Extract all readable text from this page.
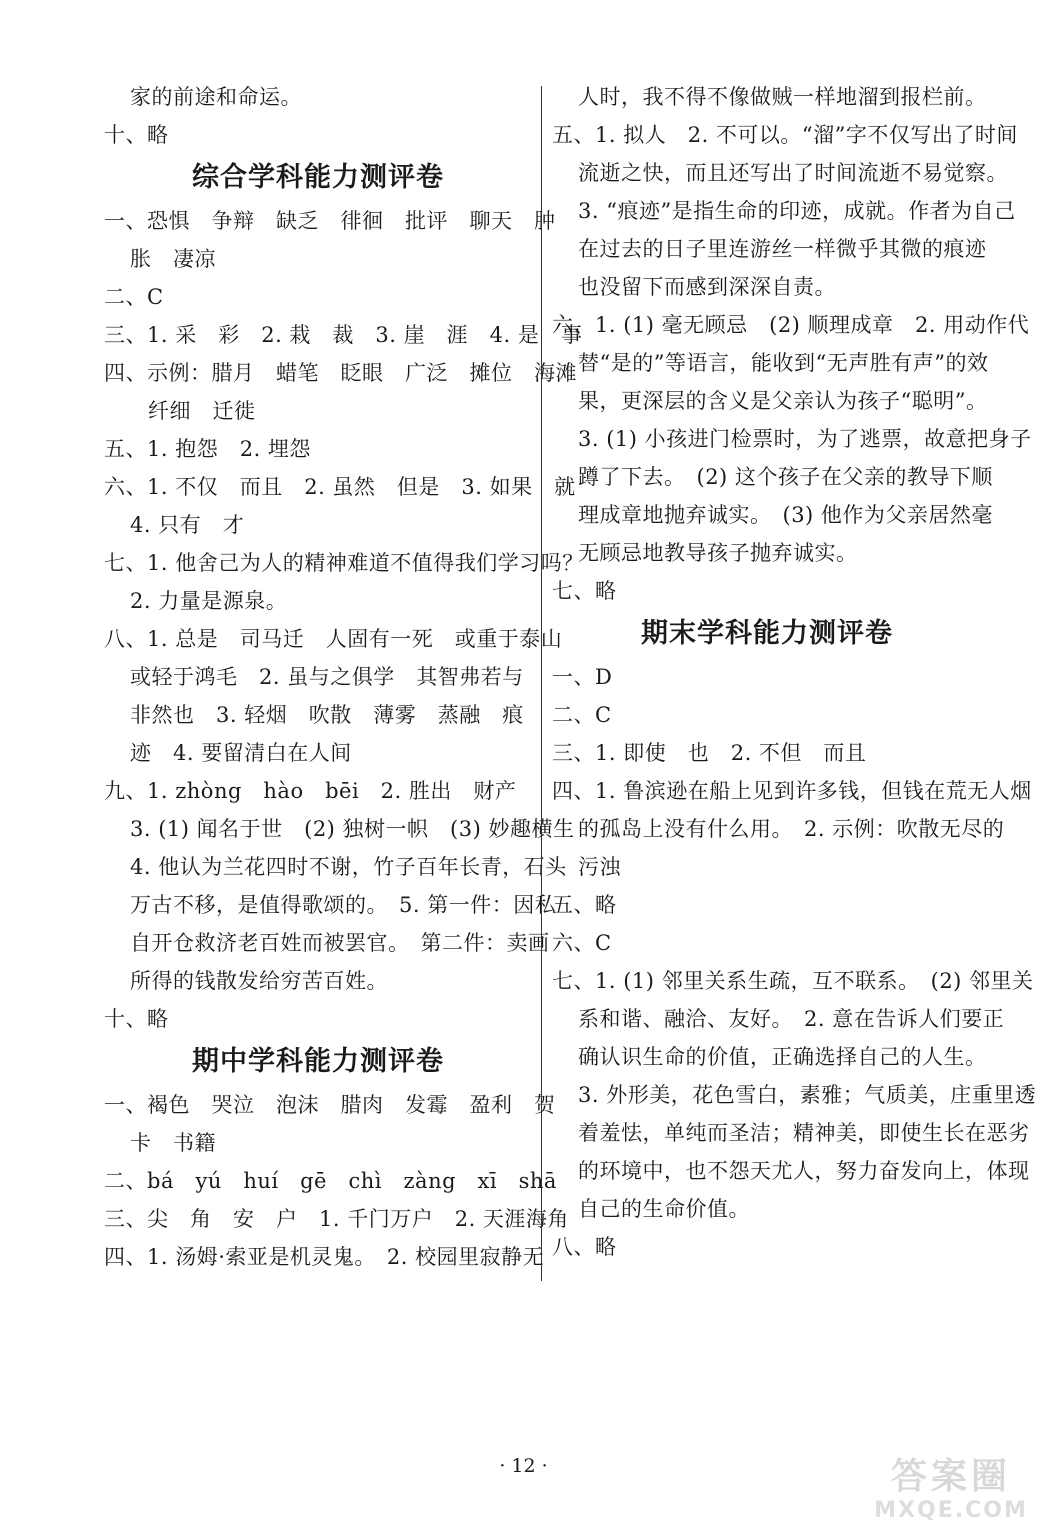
家的前途和命运。
十、略
综合学科能力测评卷
一、恐惧　争辩　缺乏　徘徊　批评　聊天　肿
胀　凄凉
二、C
三、1. 采　彩　2. 栽　裁　3. 崖　涯　4. 是　事
四、示例：腊月　蜡笔　眨眼　广泛　摊位　海滩
纤细　迁徙
五、1. 抱怨　2. 埋怨
六、1. 不仅　而且　2. 虽然　但是　3. 如果　就
4. 只有　才
七、1. 他舍己为人的精神难道不值得我们学习吗？
2. 力量是源泉。
八、1. 总是　司马迁　人固有一死　或重于泰山
或轻于鸿毛　2. 虽与之俱学　其智弗若与
非然也　3. 轻烟　吹散　薄雾　蒸融　痕
迹　4. 要留清白在人间
九、1. zhòng　hào　bēi　2. 胜出　财产
3. (1) 闻名于世　(2) 独树一帜　(3) 妙趣横生
4. 他认为兰花四时不谢，竹子百年长青，石头
万古不移，是值得歌颂的。　5. 第一件：因私
自开仓救济老百姓而被罢官。　第二件：卖画
所得的钱散发给穷苦百姓。
十、略
期中学科能力测评卷
一、褐色　哭泣　泡沫　腊肉　发霉　盈利　贺
卡　书籍
二、bá　yú　huí　gē　chì　zàng　xī　shā
三、尖　角　安　户　1. 千门万户　2. 天涯海角
四、1. 汤姆·索亚是机灵鬼。　2. 校园里寂静无
人时，我不得不像做贼一样地溜到报栏前。
五、1. 拟人　2. 不可以。“溜”字不仅写出了时间
流逝之快，而且还写出了时间流逝不易觉察。
3. “痕迹”是指生命的印迹，成就。作者为自己
在过去的日子里连游丝一样微乎其微的痕迹
也没留下而感到深深自责。
六、1. (1) 毫无顾忌　(2) 顺理成章　2. 用动作代
替“是的”等语言，能收到“无声胜有声”的效
果，更深层的含义是父亲认为孩子“聪明”。
3. (1) 小孩进门检票时，为了逃票，故意把身子
蹲了下去。　(2) 这个孩子在父亲的教导下顺
理成章地抛弃诚实。　(3) 他作为父亲居然毫
无顾忌地教导孩子抛弃诚实。
七、略
期末学科能力测评卷
一、D
二、C
三、1. 即使　也　2. 不但　而且
四、1. 鲁滨逊在船上见到许多钱，但钱在荒无人烟
的孤岛上没有什么用。　2. 示例：吹散无尽的
污浊
五、略
六、C
七、1. (1) 邻里关系生疏，互不联系。　(2) 邻里关
系和谐、融洽、友好。　2. 意在告诉人们要正
确认识生命的价值，正确选择自己的人生。
3. 外形美，花色雪白，素雅；气质美，庄重里透
着羞怯，单纯而圣洁；精神美，即使生长在恶劣
的环境中，也不怨天尤人，努力奋发向上，体现
自己的生命价值。
八、略
· 12 ·	答案圈
MXQE.COM
